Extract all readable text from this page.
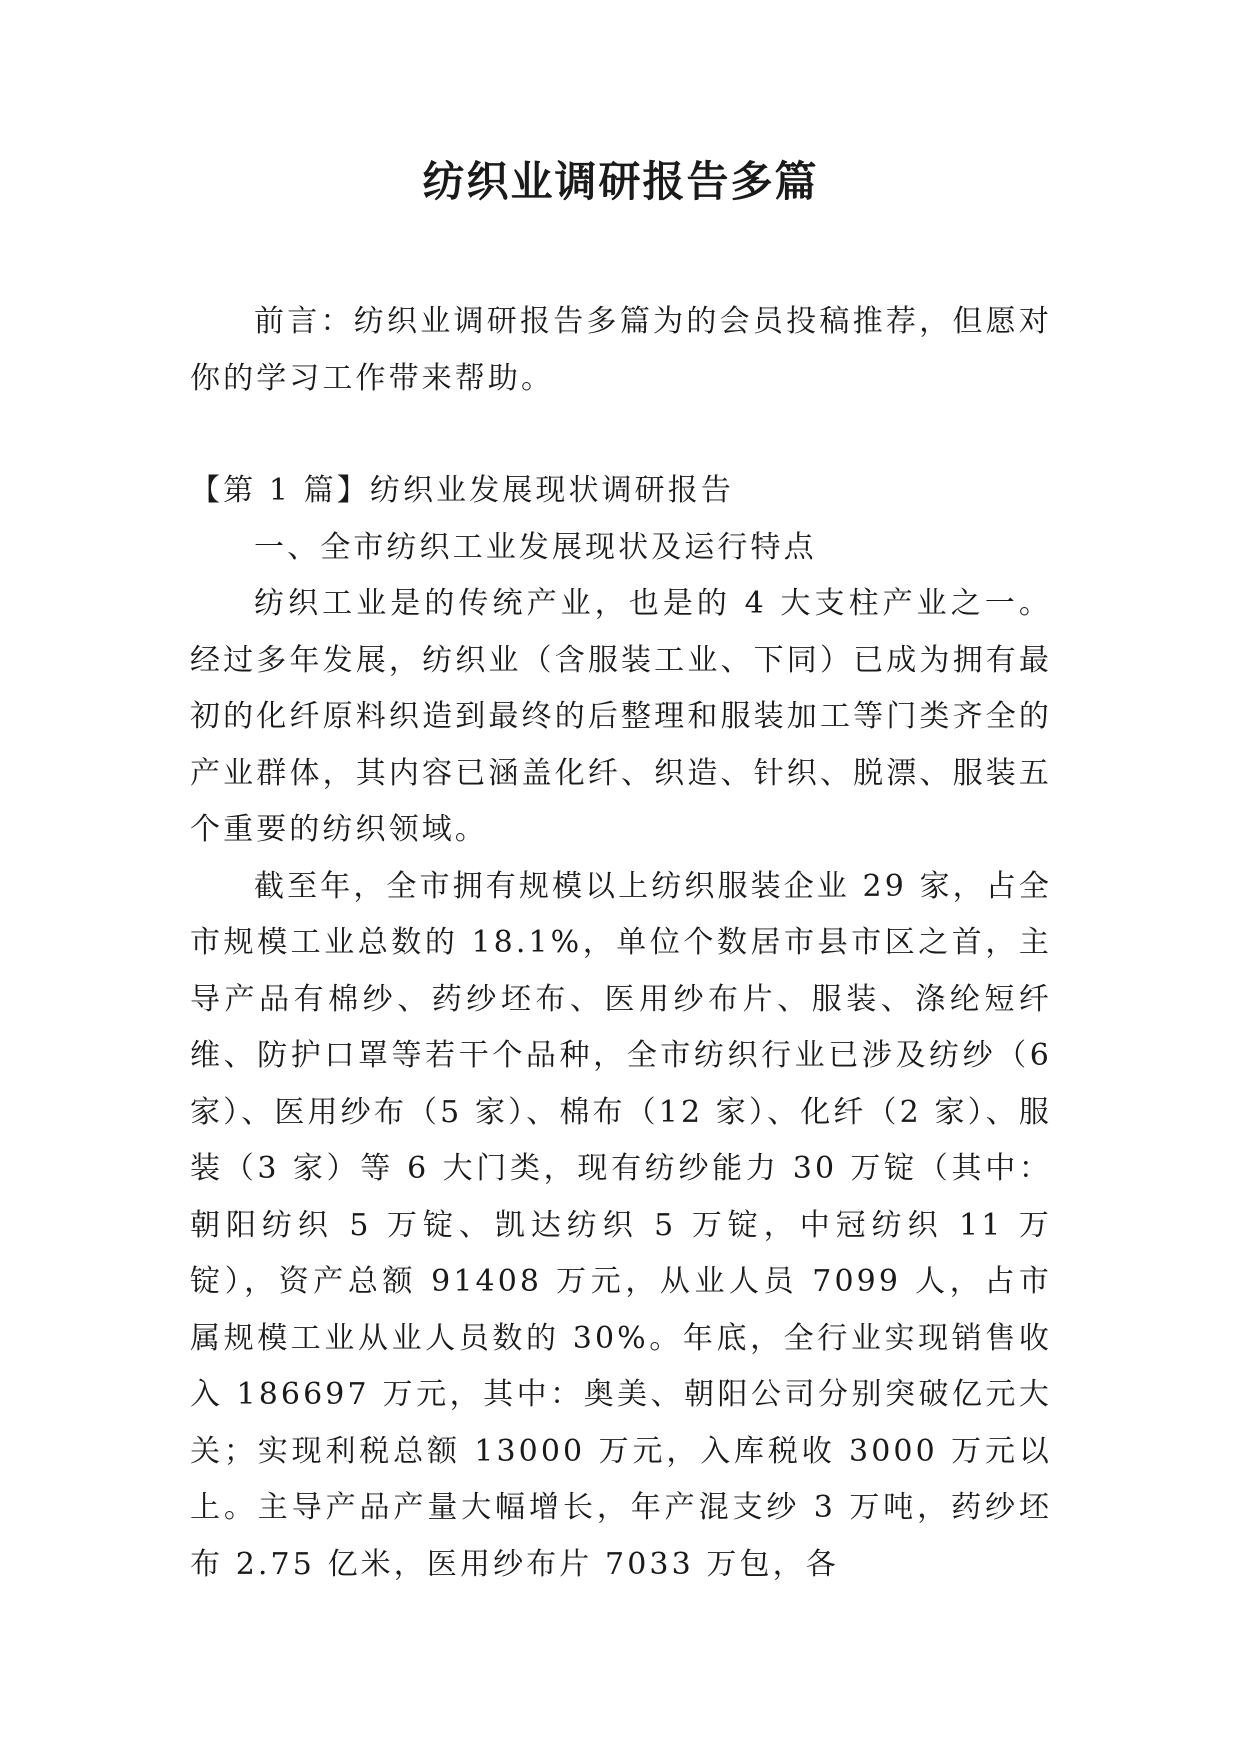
纺织业调研报告多篇

前言：纺织业调研报告多篇为的会员投稿推荐，但愿对你的学习工作带来帮助。

【第 1 篇】纺织业发展现状调研报告

一、全市纺织工业发展现状及运行特点

纺织工业是的传统产业，也是的 4 大支柱产业之一。经过多年发展，纺织业（含服装工业、下同）已成为拥有最初的化纤原料织造到最终的后整理和服装加工等门类齐全的产业群体，其内容已涵盖化纤、织造、针织、脱漂、服装五个重要的纺织领域。

截至年，全市拥有规模以上纺织服装企业 29 家，占全市规模工业总数的 18.1%，单位个数居市县市区之首，主导产品有棉纱、药纱坯布、医用纱布片、服装、涤纶短纤维、防护口罩等若干个品种，全市纺织行业已涉及纺纱（6 家）、医用纱布（5 家）、棉布（12 家）、化纤（2 家）、服装（3 家）等 6 大门类，现有纺纱能力 30 万锭（其中：朝阳纺织 5 万锭、凯达纺织 5 万锭，中冠纺织 11 万锭），资产总额 91408 万元，从业人员 7099 人，占市属规模工业从业人员数的 30%。年底，全行业实现销售收入 186697 万元，其中：奥美、朝阳公司分别突破亿元大关；实现利税总额 13000 万元，入库税收 3000 万元以上。主导产品产量大幅增长，年产混支纱 3 万吨，药纱坯布 2.75 亿米，医用纱布片 7033 万包，各
